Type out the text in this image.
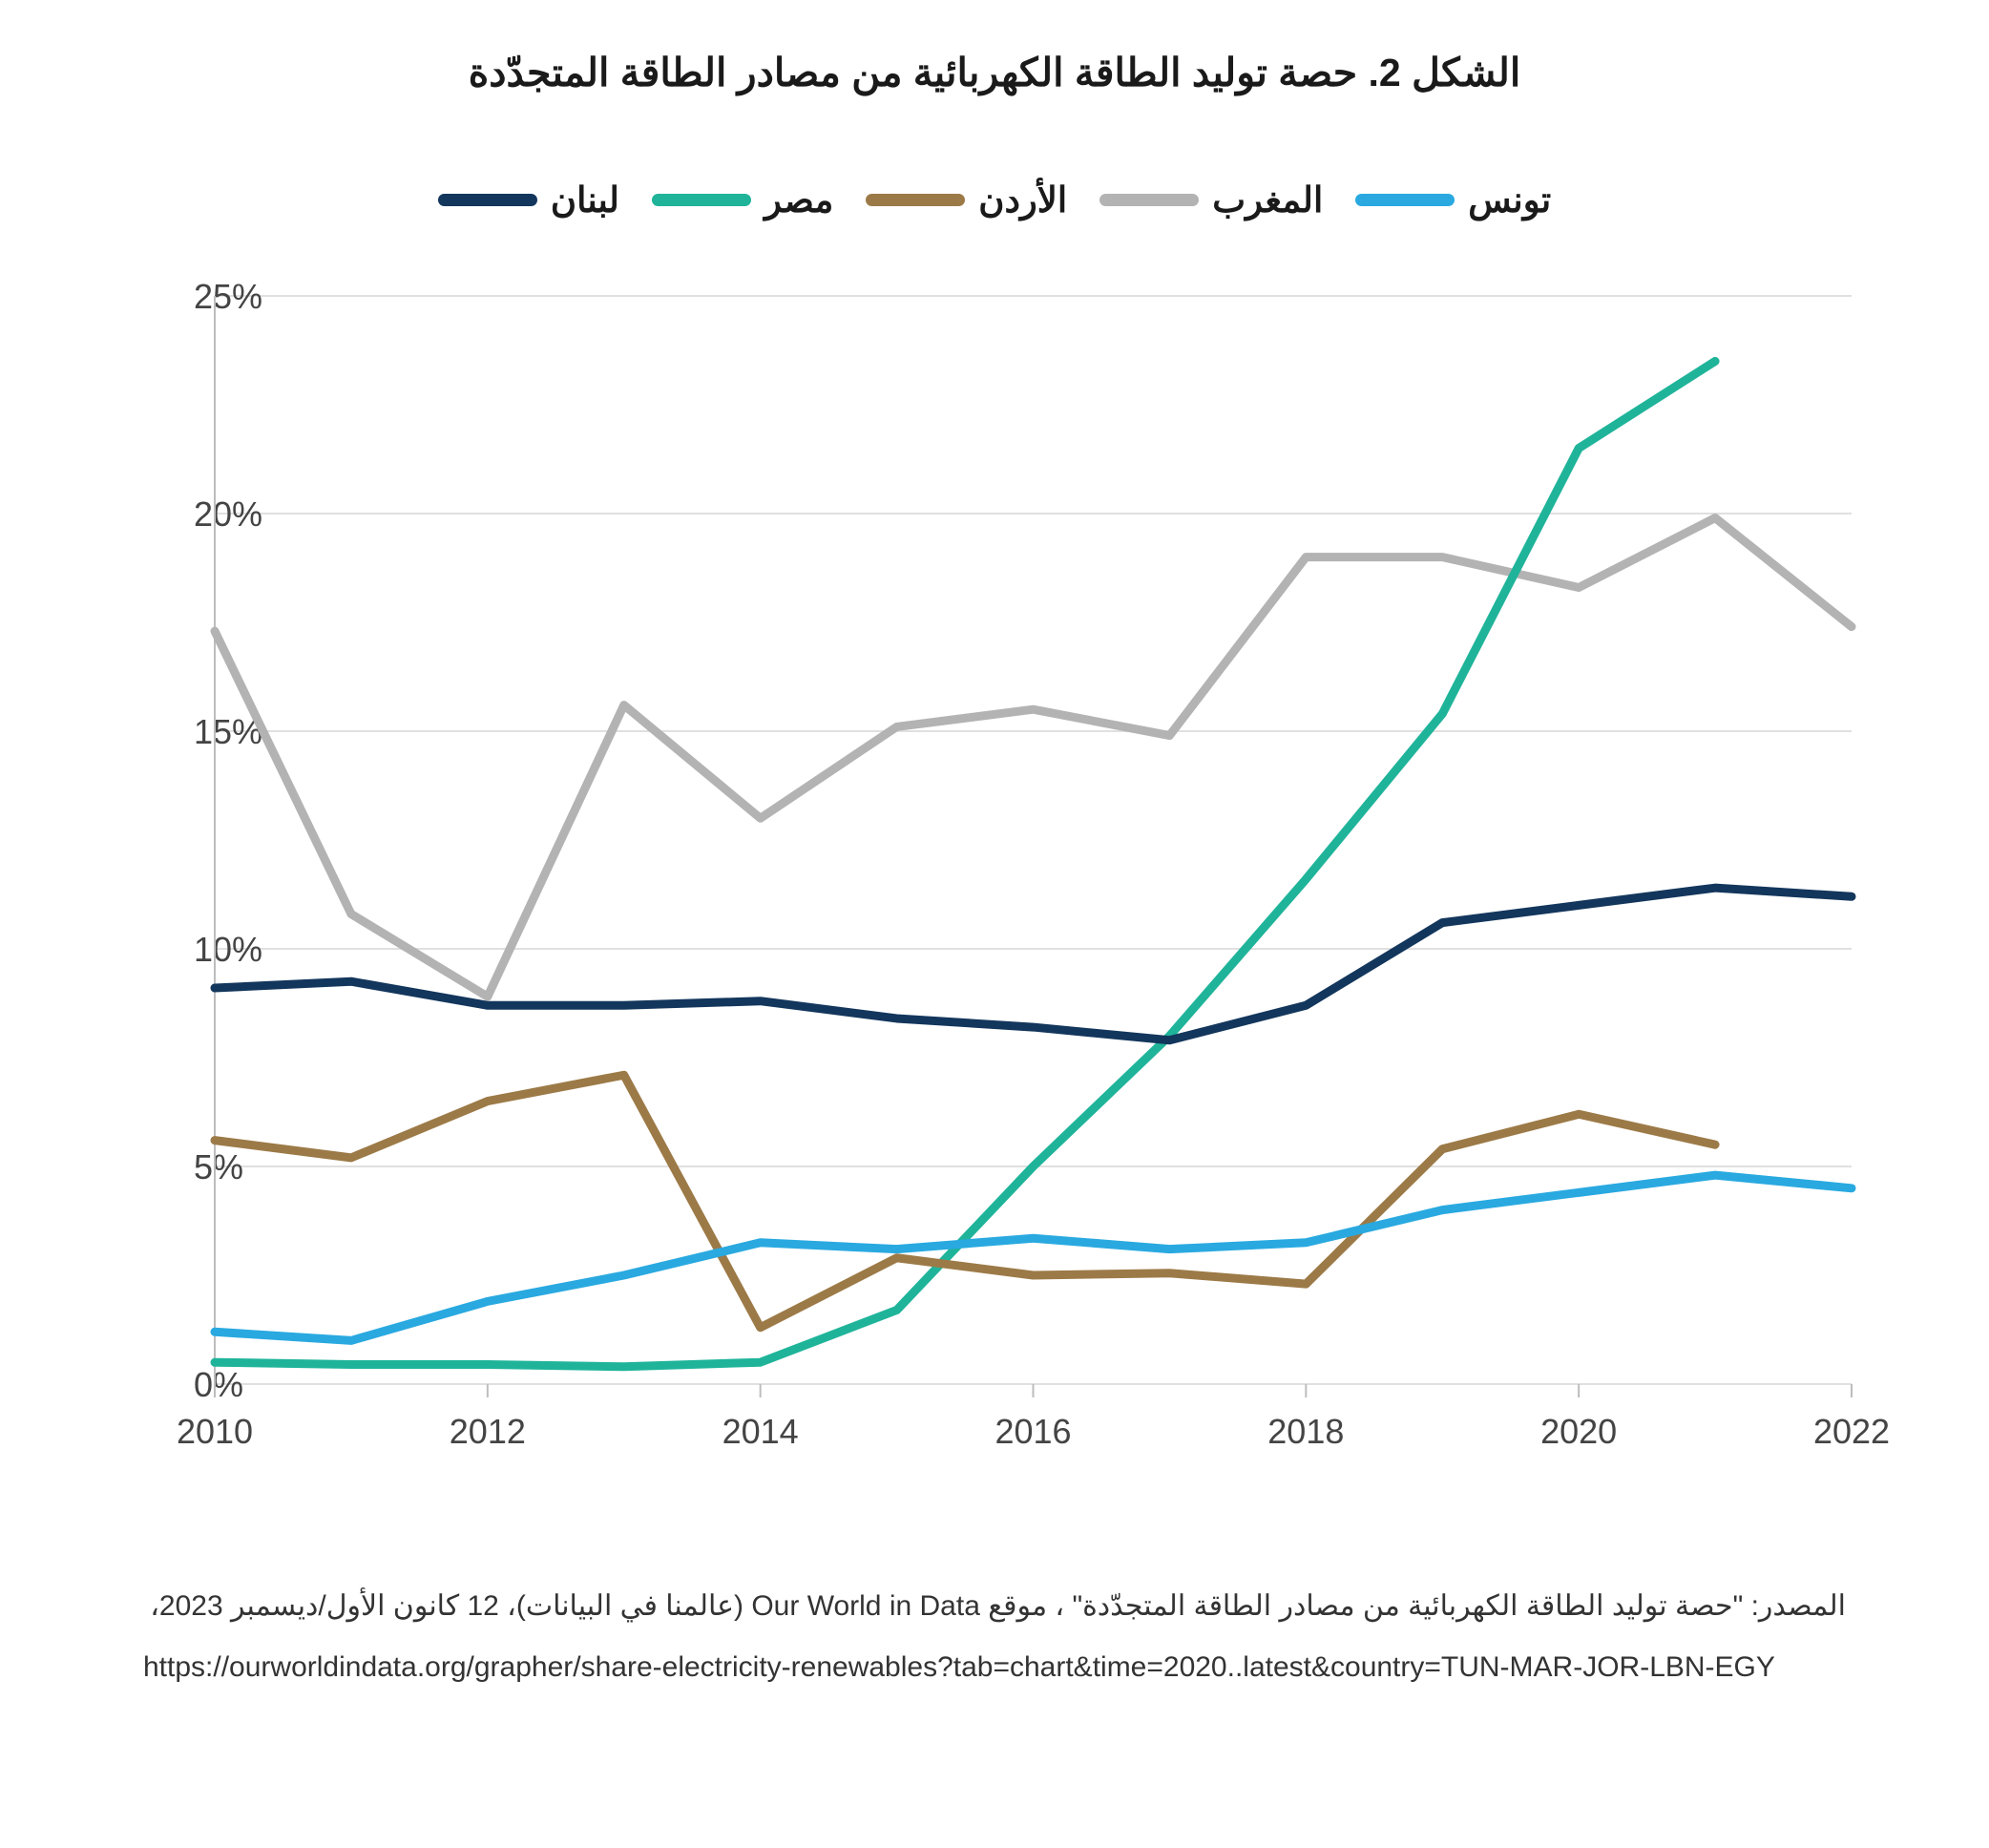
الشكل 2. حصة توليد الطاقة الكهربائية من مصادر الطاقة المتجدّدة
تونس
المغرب
الأردن
مصر
لبنان
0%
5%
10%
15%
20%
25%
2010	2012	2014	2016	2018	2020	2022
المصدر: "حصة توليد الطاقة الكهربائية من مصادر الطاقة المتجدّدة" ، موقع Our World in Data (عالمنا في البيانات)، 12 كانون الأول/ديسمبر 2023،
https://ourworldindata.org/grapher/share-electricity-renewables?tab=chart&time=2020..latest&country=TUN-MAR-JOR-LBN-EGY
